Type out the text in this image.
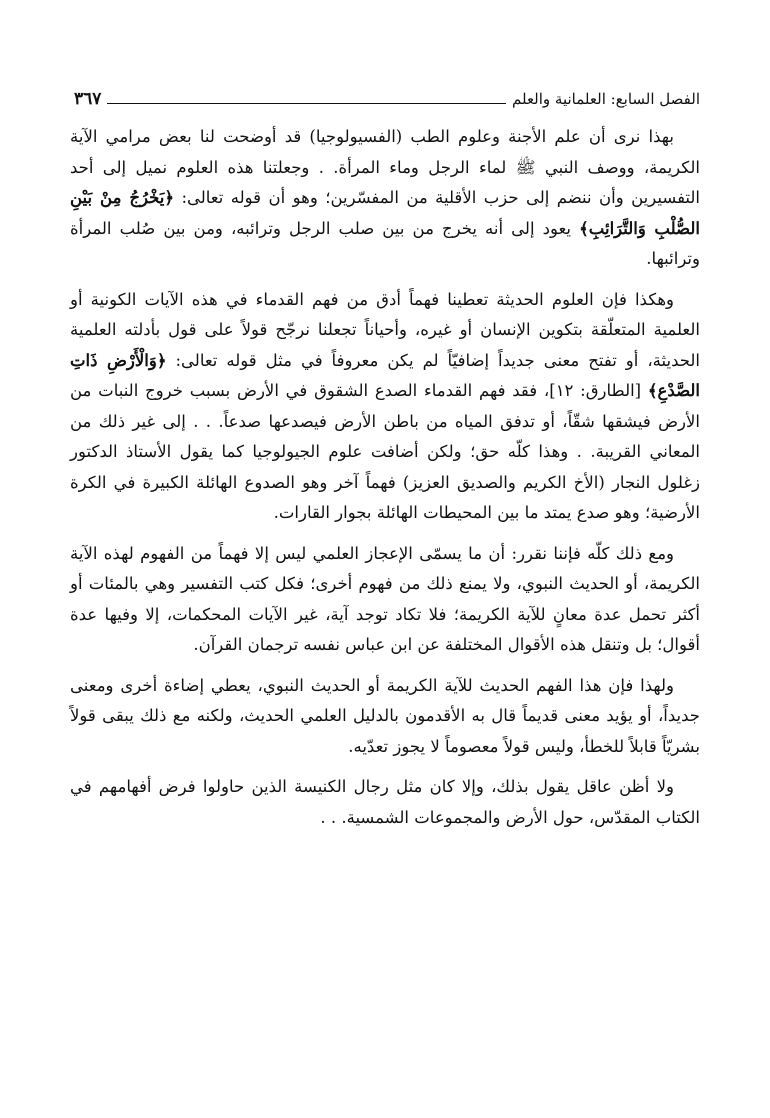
الفصل السابع: العلمانية والعلم
٣٦٧

بهذا نرى أن علم الأجنة وعلوم الطب (الفسيولوجيا) قد أوضحت لنا بعض مرامي الآية الكريمة، ووصف النبي ﷺ لماء الرجل وماء المرأة. . وجعلتنا هذه العلوم نميل إلى أحد التفسيرين وأن ننضم إلى حزب الأقلية من المفسّرين؛ وهو أن قوله تعالى: ﴿يَخْرُجُ مِنْ بَيْنِ الصُّلْبِ وَالتَّرَائِبِ﴾ يعود إلى أنه يخرج من بين صلب الرجل وترائبه، ومن بين صُلب المرأة وترائبها.

وهكذا فإن العلوم الحديثة تعطينا فهماً أدق من فهم القدماء في هذه الآيات الكونية أو العلمية المتعلّقة بتكوين الإنسان أو غيره، وأحياناً تجعلنا نرجّح قولاً على قول بأدلته العلمية الحديثة، أو تفتح معنى جديداً إضافيّاً لم يكن معروفاً في مثل قوله تعالى: ﴿وَالْأَرْضِ ذَاتِ الصَّدْعِ﴾ [الطارق: ١٢]، فقد فهم القدماء الصدع الشقوق في الأرض بسبب خروج النبات من الأرض فيشقها شقّاً، أو تدفق المياه من باطن الأرض فيصدعها صدعاً. . . إلى غير ذلك من المعاني القريبة. . وهذا كلّه حق؛ ولكن أضافت علوم الجيولوجيا كما يقول الأستاذ الدكتور زغلول النجار (الأخ الكريم والصديق العزيز) فهماً آخر وهو الصدوع الهائلة الكبيرة في الكرة الأرضية؛ وهو صدع يمتد ما بين المحيطات الهائلة بجوار القارات.

ومع ذلك كلّه فإننا نقرر: أن ما يسمّى الإعجاز العلمي ليس إلا فهماً من الفهوم لهذه الآية الكريمة، أو الحديث النبوي، ولا يمنع ذلك من فهوم أخرى؛ فكل كتب التفسير وهي بالمئات أو أكثر تحمل عدة معانٍ للآية الكريمة؛ فلا تكاد توجد آية، غير الآيات المحكمات، إلا وفيها عدة أقوال؛ بل وتنقل هذه الأقوال المختلفة عن ابن عباس نفسه ترجمان القرآن.

ولهذا فإن هذا الفهم الحديث للآية الكريمة أو الحديث النبوي، يعطي إضاءة أخرى ومعنى جديداً، أو يؤيد معنى قديماً قال به الأقدمون بالدليل العلمي الحديث، ولكنه مع ذلك يبقى قولاً بشريّاً قابلاً للخطأ، وليس قولاً معصوماً لا يجوز تعدّيه.

ولا أظن عاقل يقول بذلك، وإلا كان مثل رجال الكنيسة الذين حاولوا فرض أفهامهم في الكتاب المقدّس، حول الأرض والمجموعات الشمسية. . .
